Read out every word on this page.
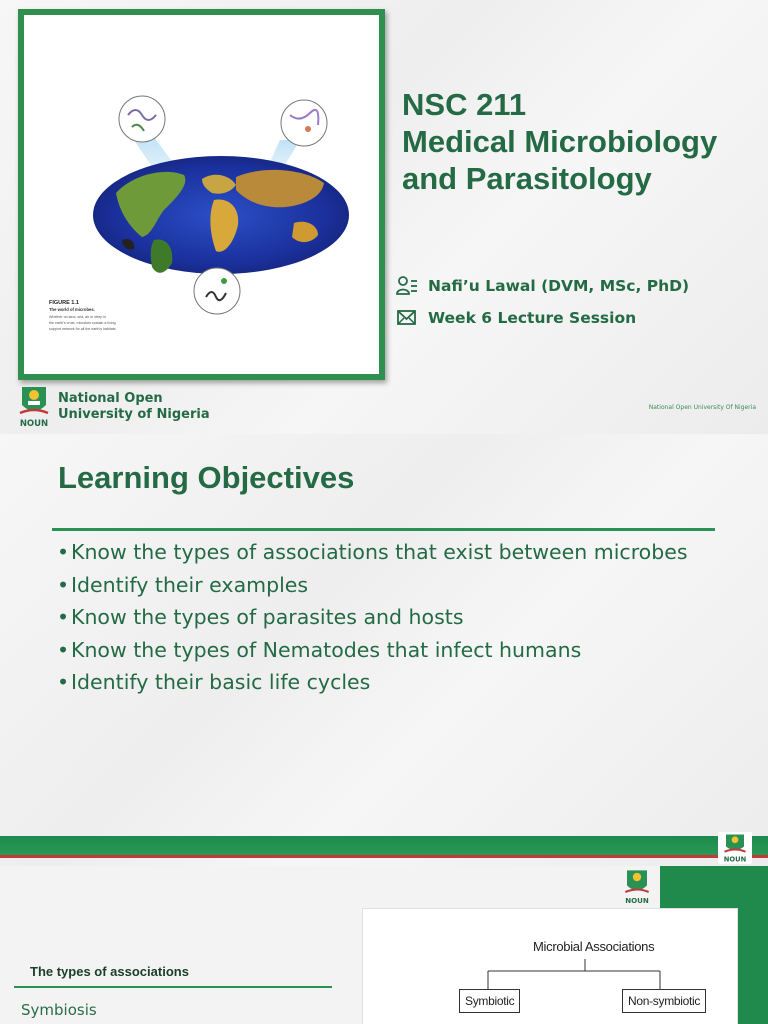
FIGURE 1.1
The world of microbes.
Whether on land, sea, air or deep in
the earth's crust, microbes sustain a living
support network for all the earth's habitats.
NSC 211
Medical Microbiology
and Parasitology
Nafi’u Lawal (DVM, MSc, PhD)
Week 6 Lecture Session
NOUN
National Open
University of Nigeria	National Open University Of Nigeria
Learning Objectives
• Know the types of associations that exist between microbes
• Identify their examples
• Know the types of parasites and hosts
• Know the types of Nematodes that infect humans
• Identify their basic life cycles
NOUN
NOUN
Microbial Associations
Symbiotic	Non-symbiotic
The types of associations
Symbiosis
